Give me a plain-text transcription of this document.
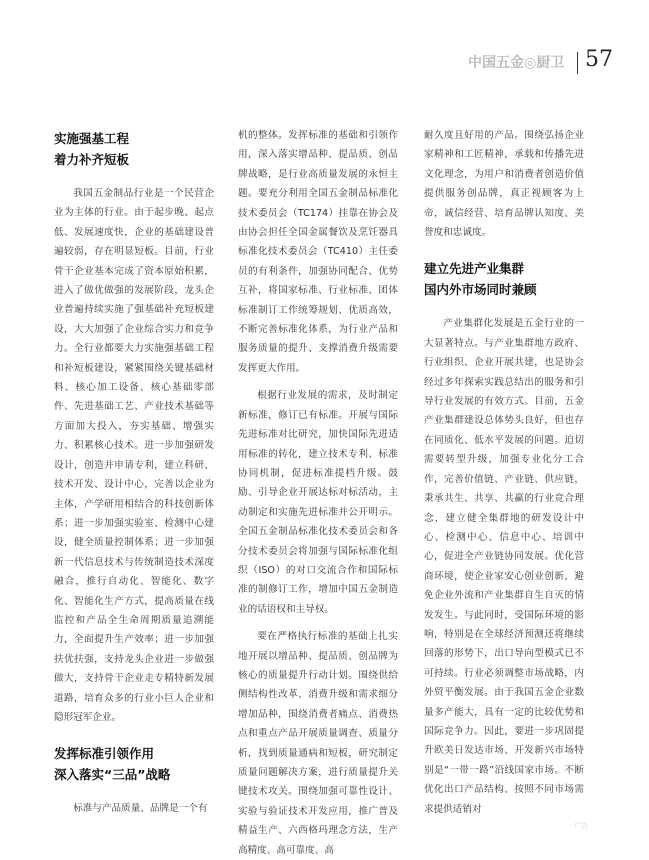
中国五金◎厨卫 57
实施强基工程
着力补齐短板

我国五金制品行业是一个民营企业为主体的行业。由于起步晚、起点低、发展速度快，企业的基础建设普遍较弱，存在明显短板。目前，行业骨干企业基本完成了资本原始积累，进入了做优做强的发展阶段，龙头企业普遍持续实施了强基础补充短板建设，大大加强了企业综合实力和竞争力。全行业都要大力实施强基础工程和补短板建设，紧紧围绕关键基础材料、核心加工设备、核心基础零部件、先进基础工艺、产业技术基础等方面加大投入，夯实基础、增强实力、积累核心技术。进一步加强研发设计，创造并申请专利，建立科研、技术开发、设计中心，完善以企业为主体，产学研用相结合的科技创新体系；进一步加强实验室、检测中心建设，健全质量控制体系；进一步加强新一代信息技术与传统制造技术深度融合，推行自动化、智能化、数字化、智能化生产方式，提高质量在线监控和产品全生命周期质量追溯能力，全面提升生产效率；进一步加强扶优扶强，支持龙头企业进一步做强做大，支持骨干企业走专精特新发展道路，培育众多的行业小巨人企业和隐形冠军企业。

发挥标准引领作用
深入落实“三品”战略

标准与产品质量、品牌是一个有

机的整体。发挥标准的基础和引领作用，深入落实增品种、提品质、创品牌战略，是行业高质量发展的永恒主题。要充分利用全国五金制品标准化技术委员会（TC174）挂靠在协会及由协会担任全国金属餐饮及烹饪器具标准化技术委员会（TC410）主任委员的有利条件，加强协同配合、优势互补，将国家标准、行业标准、团体标准制订工作统筹规划、优质高效，不断完善标准化体系，为行业产品和服务质量的提升、支撑消费升级需要发挥更大作用。

根据行业发展的需求，及时制定新标准，修订已有标准。开展与国际先进标准对比研究，加快国际先进适用标准的转化，建立技术专利、标准协同机制，促进标准提档升级。鼓励、引导企业开展达标对标活动，主动制定和实施先进标准并公开明示。全国五金制品标准化技术委员会和各分技术委员会将加强与国际标准化组织（ISO）的对口交流合作和国际标准的制修订工作，增加中国五金制造业的话语权和主导权。

要在严格执行标准的基础上扎实地开展以增品种、提品质、创品牌为核心的质量提升行动计划。围绕供给侧结构性改革、消费升级和需求细分增加品种，围绕消费者痛点、消费热点和重点产品开展质量调查、质量分析，找到质量通病和短板，研究制定质量问题解决方案，进行质量提升关键技术攻关。围绕加强可靠性设计、实验与验证技术开发应用，推广普及精益生产、六西格玛理念方法，生产高精度、高可靠度、高

耐久度且好用的产品。围绕弘扬企业家精神和工匠精神，承载和传播先进文化理念，为用户和消费者创造价值提供服务创品牌，真正视顾客为上帝，诚信经营、培育品牌认知度、美誉度和忠诚度。

建立先进产业集群
国内外市场同时兼顾

产业集群化发展是五金行业的一大显著特点。与产业集群地方政府、行业组织、企业开展共建，也是协会经过多年探索实践总结出的服务和引导行业发展的有效方式。目前，五金产业集群建设总体势头良好，但也存在同质化、低水平发展的问题。迫切需要转型升级，加强专业化分工合作，完善价值链、产业链、供应链，秉承共生、共享、共赢的行业竞合理念，建立健全集群地的研发设计中心、检测中心、信息中心、培训中心，促进全产业链协同发展。优化营商环境，使企业家安心创业创新，避免企业外流和产业集群自生自灭的情发发生。与此同时，受国际环境的影响，特别是在全球经济预测还将继续回落的形势下，出口导向型模式已不可持续。行业必须调整市场战略，内外贸平衡发展。由于我国五金企业数量多产能大，具有一定的比较优势和国际竞争力。因此，要进一步巩固提升欧美日发达市场、开发新兴市场特别是“一带一路”沿线国家市场。不断优化出口产品结构、按照不同市场需求提供适销对

广告
